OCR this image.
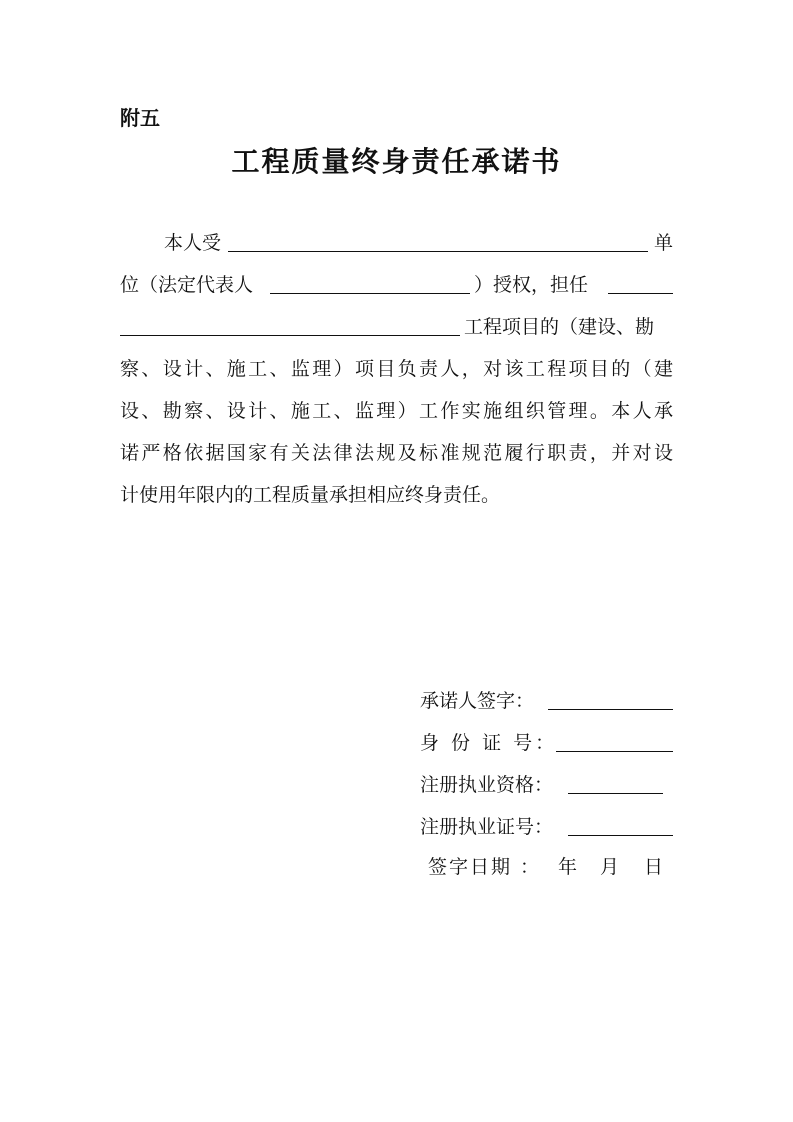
附五
工程质量终身责任承诺书
本人受	单
位（法定代表人	）授权，担任
工程项目的（建设、勘
察、设计、施工、监理）项目负责人，对该工程项目的（建
设、勘察、设计、施工、监理）工作实施组织管理。本人承
诺严格依据国家有关法律法规及标准规范履行职责，并对设
计使用年限内的工程质量承担相应终身责任。
承诺人签字：
身 份 证 号：
注册执业资格：
注册执业证号：
签字日期 ： 年 月 日
